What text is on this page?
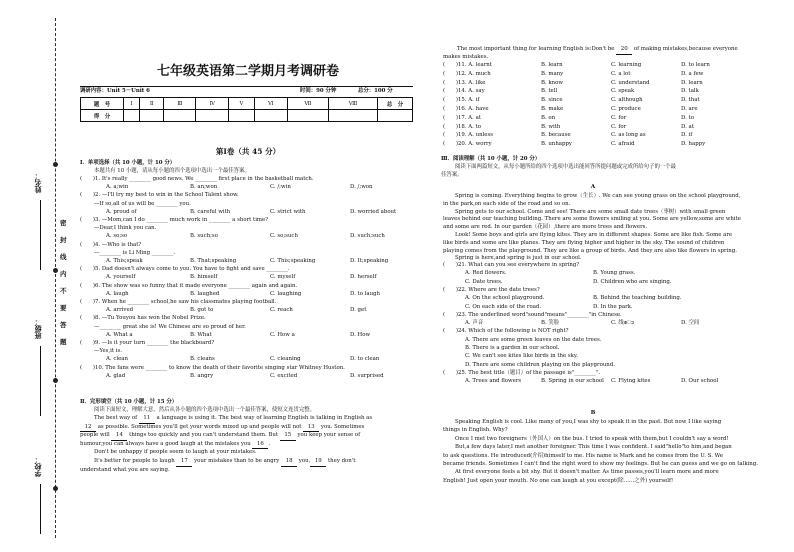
姓名：
班级：
学校：
密
封
线
内
不
要
答
题
七年级英语第二学期月考调研卷
调研内容：Unit 5－Unit 6	时间：90 分钟	总分：100 分
题　号	Ⅰ	Ⅱ	Ⅲ	Ⅳ	Ⅴ	Ⅵ	Ⅶ	Ⅷ	总　分
得　分									
第Ⅰ卷（共 45 分）
Ⅰ．单项选择（共 10 小题，计 10 分）
本题共有 10 小题，请从每小题的四个选项中选出一个最佳答案。
(　　)1. It's really ________ good news. We ________ first place in the basketball match.
A. a;win	B. an;won	C. /;win	D. /;won
(　　)2. —I'll try my best to win in the School Talent show.
—If so,all of us will be ________ you.
A. proud of	B. careful with	C. strict with	D. worried about
(　　)3. —Mom,can I do ________ much work in ________ a short time?
—Dear,I think you can.
A. so;so	B. such;so	C. so;such	D. such;such
(　　)4. —Who is that?
—________ is Li Ming ________.
A. This;speak	B. That;speaking	C. This;speaking	D. It;speaking
(　　)5. Dad doesn't always come to you. You have to fight and save ________.
A. yourself	B. himself	C. myself	D. herself
(　　)6. The show was so funny that it made everyone ________ again and again.
A. laugh	B. laughed	C. laughing	D. to laugh
(　　)7. When he ________ school,he saw his classmates playing football.
A. arrived	B. got to	C. reach	D. get
(　　)8. —Tu Youyou has won the Nobel Prize.
—________ great she is! We Chinese are so proud of her.
A. What a	B. What	C. How a	D. How
(　　)9. —Is it your turn ________ the blackboard?
—Yes,it is.
A. clean	B. cleans	C. cleaning	D. to clean
(　　)10. The fans were ________ to know the death of their favorite singing star Whitney Huston.
A. glad	B. angry	C. excited	D. surprised
Ⅱ．完形填空（共 10 小题，计 15 分）
阅读下面短文，理解大意，然后从各小题的四个选项中选出一个最佳答案，使短文连贯完整。
The best way of 11 a language is using it. The best way of learning English is talking in English as
12 as possible. Sometimes you'll get your words mixed up and people will not 13 you. Sometimes
people will 14 things too quickly and you can't understand them. But 15 you keep your sense of
humour,you can always have a good laugh at the mistakes you 16 .
Don't be unhappy if people seem to laugh at your mistakes.
It's better for people to laugh 17 your mistakes than to be angry 18 you, 19 they don't
understand what you are saying.
The most important thing for learning English is:Don't be 20 of making mistakes,because everyone
makes mistakes.
(　　)11. A. learnt	B. learn	C. learning	D. to learn
(　　)12. A. much	B. many	C. a lot	D. a few
(　　)13. A. like	B. know	C. understand	D. learn
(　　)14. A. say	B. tell	C. speak	D. talk
(　　)15. A. if	B. since	C. although	D. that
(　　)16. A. have	B. make	C. produce	D. are
(　　)17. A. at	B. on	C. for	D. to
(　　)18. A. to	B. with	C. for	D. at
(　　)19. A. unless	B. because	C. as long as	D. if
(　　)20. A. worry	B. unhappy	C. afraid	D. happy
Ⅲ．阅读理解（共 10 小题，计 20 分）
阅读下面两篇短文，从每小题所给的四个选项中选出能回答所提问题或完成所给句子的一个最
佳答案。
A
Spring is coming. Everything begins to grow（生长）. We can see young grass on the school playground,
in the park,on each side of the road and so on.
Spring gets to our school. Come and see! There are some small date trees（枣树）with small green
leaves behind our teaching building. There are some flowers smiling at you. Some are yellow,some are white
and some are red. In our garden（花园）,there are more trees and flowers.
Look! Some boys and girls are flying kites. They are in different shapes. Some are like fish. Some are
like birds and some are like planes. They are flying higher and higher in the sky. The sound of children
playing comes from the playground. They are like a group of birds. And they are also like flowers in spring.
Spring is here,and spring is just in our school.
(　　)21. What can you see everywhere in spring?
A. Red flowers.	B. Young grass.
C. Date trees.	D. Children who are singing.
(　　)22. Where are the date trees?
A. On the school playground.	B. Behind the teaching building.
C. On each side of the road.	D. In the park.
(　　)23. The underlined word"sound"means"________"in Chinese.
A. 声音	B. 笑脸	C. 线ോ	D. 空间
(　　)24. Which of the following is NOT right?
A. There are some green leaves on the date trees.
B. There is a garden in our school.
C. We can't see kites like birds in the sky.
D. There are some children playing on the playground.
(　　)25. The best title（题目）of the passage is"________".
A. Trees and flowers	B. Spring in our school C. Flying kites	D. Our school
B
Speaking English is cool. Like many of you,I was shy to speak it in the past. But now I like saying
things in English. Why?
Once I met two foreigners（外国人）on the bus. I tried to speak with them,but I couldn't say a word!
But,a few days later,I met another foreigner. This time I was confident. I said"hello"to him,and began
to ask questions. He introduced(介绍)himself to me. His name is Mark and he comes from the U. S. We
became friends. Sometimes I can't find the right word to show my feelings. But he can guess and we go on talking.
At first everyone feels a bit shy. But it doesn't matter. As time passes,you'll learn more and more
English! Just open your mouth. No one can laugh at you except(除……之外) yourself!
